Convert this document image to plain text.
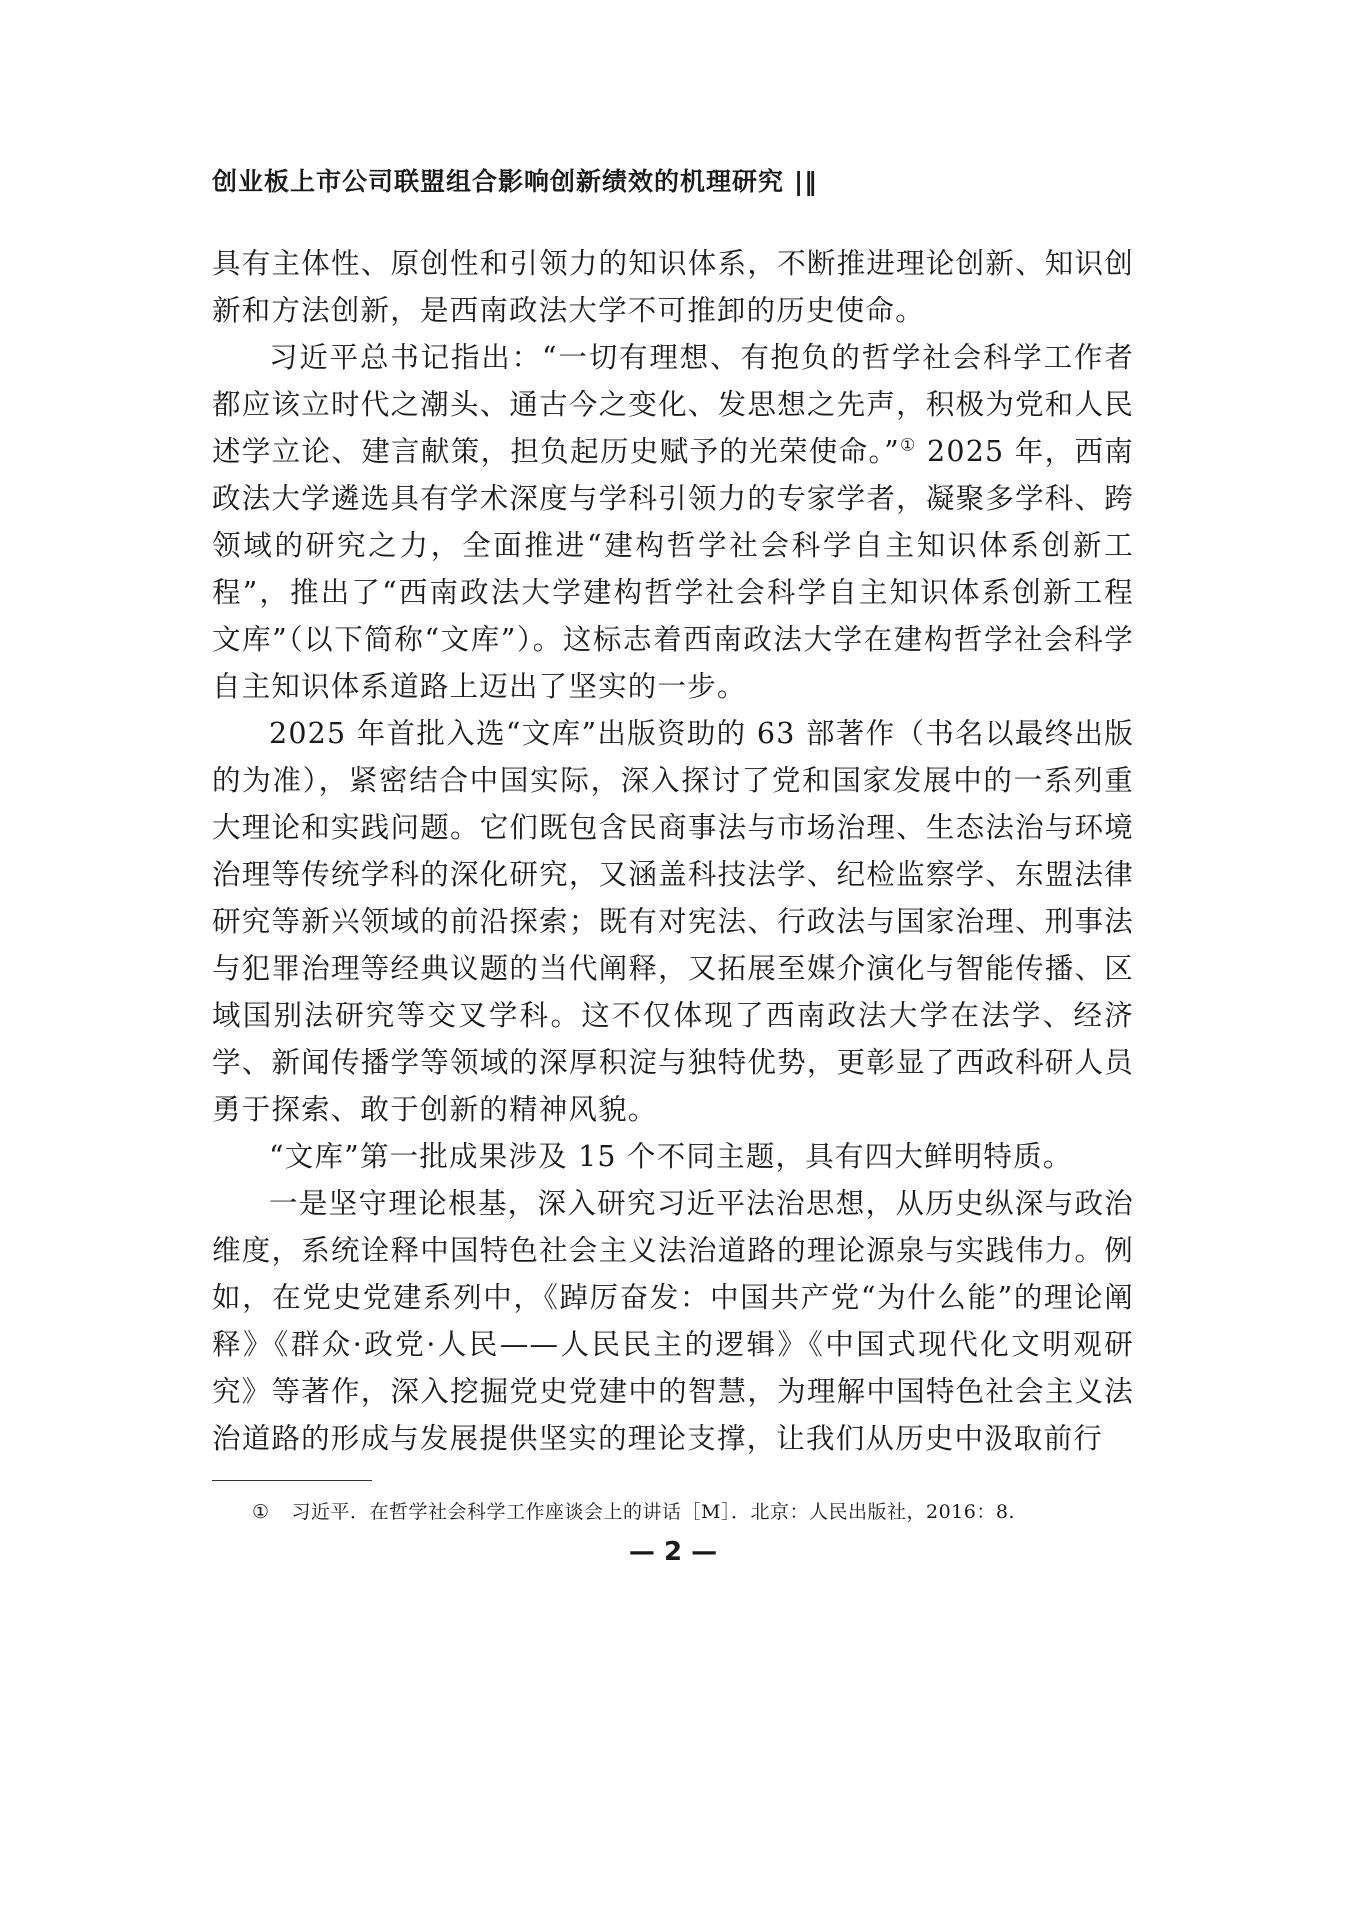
创业板上市公司联盟组合影响创新绩效的机理研究 |‖

具有主体性、原创性和引领力的知识体系，不断推进理论创新、知识创新和方法创新，是西南政法大学不可推卸的历史使命。

习近平总书记指出：“一切有理想、有抱负的哲学社会科学工作者都应该立时代之潮头、通古今之变化、发思想之先声，积极为党和人民述学立论、建言献策，担负起历史赋予的光荣使命。”① 2025 年，西南政法大学遴选具有学术深度与学科引领力的专家学者，凝聚多学科、跨领域的研究之力，全面推进“建构哲学社会科学自主知识体系创新工程”，推出了“西南政法大学建构哲学社会科学自主知识体系创新工程文库”（以下简称“文库”）。这标志着西南政法大学在建构哲学社会科学自主知识体系道路上迈出了坚实的一步。

2025 年首批入选“文库”出版资助的 63 部著作（书名以最终出版的为准），紧密结合中国实际，深入探讨了党和国家发展中的一系列重大理论和实践问题。它们既包含民商事法与市场治理、生态法治与环境治理等传统学科的深化研究，又涵盖科技法学、纪检监察学、东盟法律研究等新兴领域的前沿探索；既有对宪法、行政法与国家治理、刑事法与犯罪治理等经典议题的当代阐释，又拓展至媒介演化与智能传播、区域国别法研究等交叉学科。这不仅体现了西南政法大学在法学、经济学、新闻传播学等领域的深厚积淀与独特优势，更彰显了西政科研人员勇于探索、敢于创新的精神风貌。

“文库”第一批成果涉及 15 个不同主题，具有四大鲜明特质。

一是坚守理论根基，深入研究习近平法治思想，从历史纵深与政治维度，系统诠释中国特色社会主义法治道路的理论源泉与实践伟力。例如，在党史党建系列中，《踔厉奋发：中国共产党“为什么能”的理论阐释》《群众·政党·人民——人民民主的逻辑》《中国式现代化文明观研究》等著作，深入挖掘党史党建中的智慧，为理解中国特色社会主义法治道路的形成与发展提供坚实的理论支撑，让我们从历史中汲取前行

① 习近平．在哲学社会科学工作座谈会上的讲话［M］．北京：人民出版社，2016：8.
— 2 —
